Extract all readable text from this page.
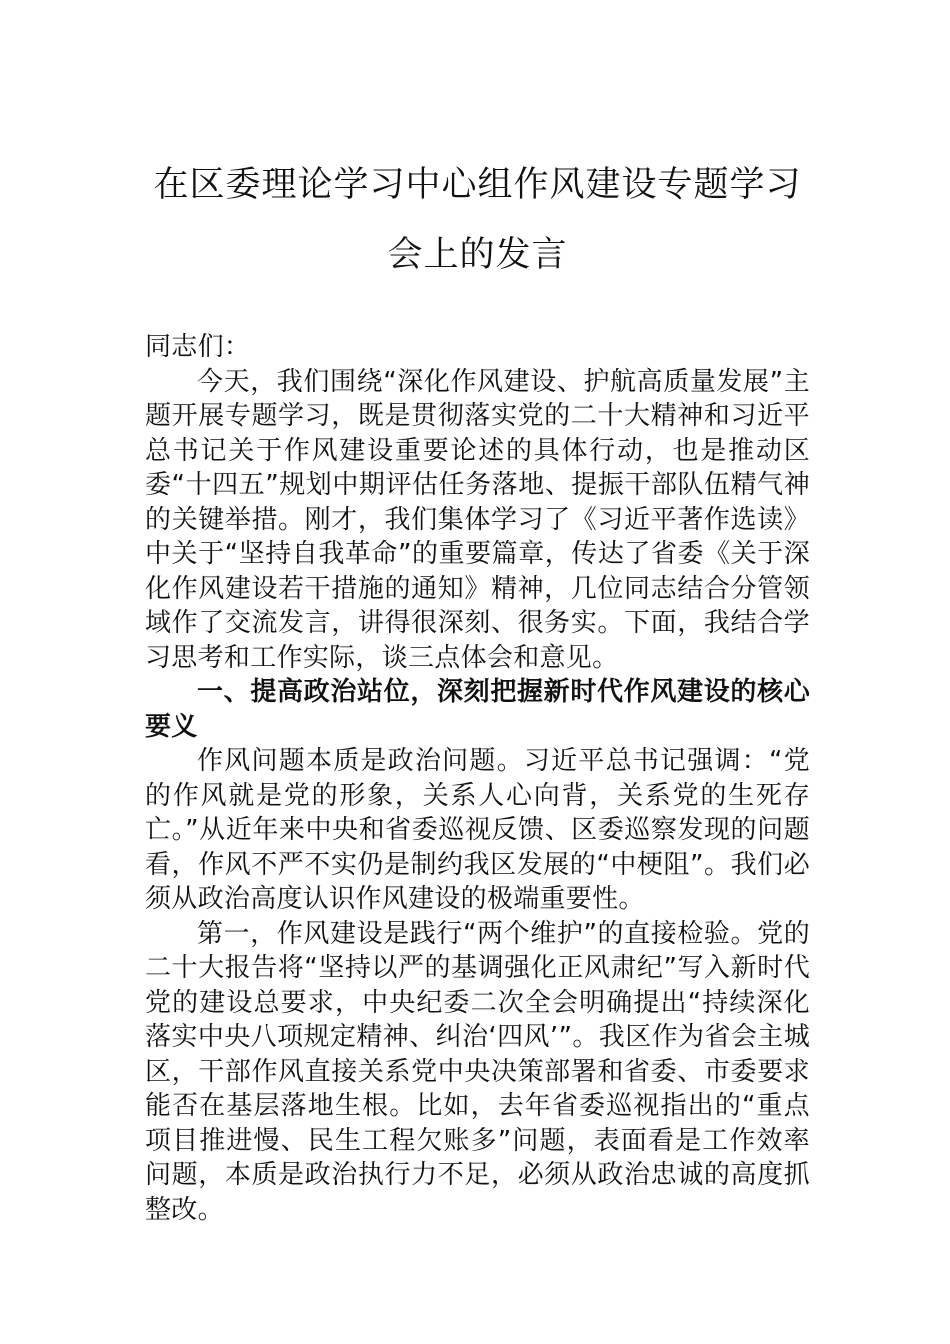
在区委理论学习中心组作风建设专题学习
会上的发言

同志们：

今天，我们围绕“深化作风建设、护航高质量发展”主题开展专题学习，既是贯彻落实党的二十大精神和习近平总书记关于作风建设重要论述的具体行动，也是推动区委“十四五”规划中期评估任务落地、提振干部队伍精气神的关键举措。刚才，我们集体学习了《习近平著作选读》中关于“坚持自我革命”的重要篇章，传达了省委《关于深化作风建设若干措施的通知》精神，几位同志结合分管领域作了交流发言，讲得很深刻、很务实。下面，我结合学习思考和工作实际，谈三点体会和意见。

一、提高政治站位，深刻把握新时代作风建设的核心要义

作风问题本质是政治问题。习近平总书记强调：“党的作风就是党的形象，关系人心向背，关系党的生死存亡。”从近年来中央和省委巡视反馈、区委巡察发现的问题看，作风不严不实仍是制约我区发展的“中梗阻”。我们必须从政治高度认识作风建设的极端重要性。

第一，作风建设是践行“两个维护”的直接检验。党的二十大报告将“坚持以严的基调强化正风肃纪”写入新时代党的建设总要求，中央纪委二次全会明确提出“持续深化落实中央八项规定精神、纠治‘四风’”。我区作为省会主城区，干部作风直接关系党中央决策部署和省委、市委要求能否在基层落地生根。比如，去年省委巡视指出的“重点项目推进慢、民生工程欠账多”问题，表面看是工作效率问题，本质是政治执行力不足，必须从政治忠诚的高度抓整改。
